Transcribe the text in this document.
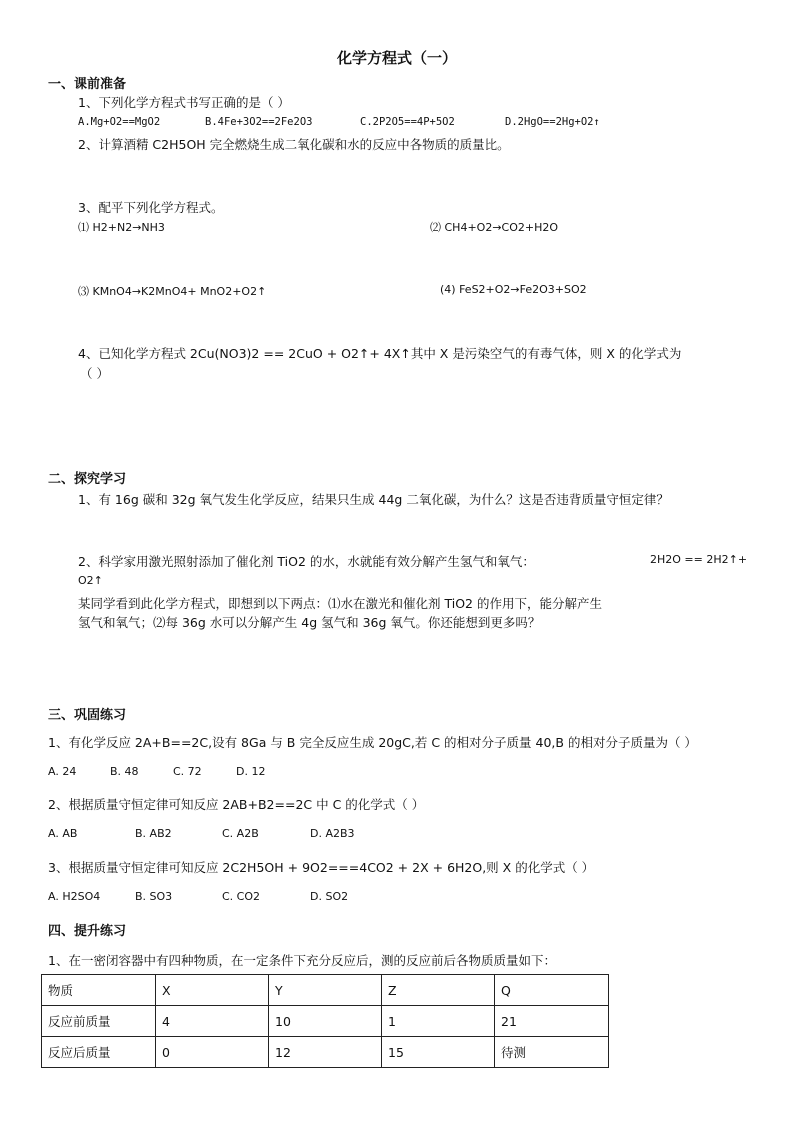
化学方程式（一）
一、课前准备
1、下列化学方程式书写正确的是（ ）
A.Mg+O2==MgO2	B.4Fe+3O2==2Fe2O3	C.2P2O5==4P+5O2	D.2HgO==2Hg+O2↑
2、计算酒精 C2H5OH 完全燃烧生成二氧化碳和水的反应中各物质的质量比。
3、配平下列化学方程式。
⑴ H2+N2→NH3	⑵ CH4+O2→CO2+H2O
⑶ KMnO4→K2MnO4+ MnO2+O2↑	(4) FeS2+O2→Fe2O3+SO2
4、已知化学方程式 2Cu(NO3)2 == 2CuO + O2↑+ 4X↑其中 X 是污染空气的有毒气体，则 X 的化学式为
（ ）
二、探究学习
1、有 16g 碳和 32g 氧气发生化学反应，结果只生成 44g 二氧化碳，为什么？这是否违背质量守恒定律？
2、科学家用激光照射添加了催化剂 TiO2 的水，水就能有效分解产生氢气和氧气：	2H2O == 2H2↑+
O2↑
某同学看到此化学方程式，即想到以下两点：⑴水在激光和催化剂 TiO2 的作用下，能分解产生
氢气和氧气；⑵每 36g 水可以分解产生 4g 氢气和 36g 氧气。你还能想到更多吗？
三、巩固练习
1、有化学反应 2A+B==2C,设有 8Ga 与 B 完全反应生成 20gC,若 C 的相对分子质量 40,B 的相对分子质量为（ ）
A. 24	B. 48	C. 72	D. 12
2、根据质量守恒定律可知反应 2AB+B2==2C 中 C 的化学式（ ）
A. AB	B. AB2	C. A2B	D. A2B3
3、根据质量守恒定律可知反应 2C2H5OH + 9O2===4CO2 + 2X + 6H2O,则 X 的化学式（ ）
A. H2SO4	B. SO3	C. CO2	D. SO2
四、提升练习
1、在一密闭容器中有四种物质，在一定条件下充分反应后，测的反应前后各物质质量如下：
物质	X	Y	Z	Q
反应前质量	4	10	1	21
反应后质量	0	12	15	待测
